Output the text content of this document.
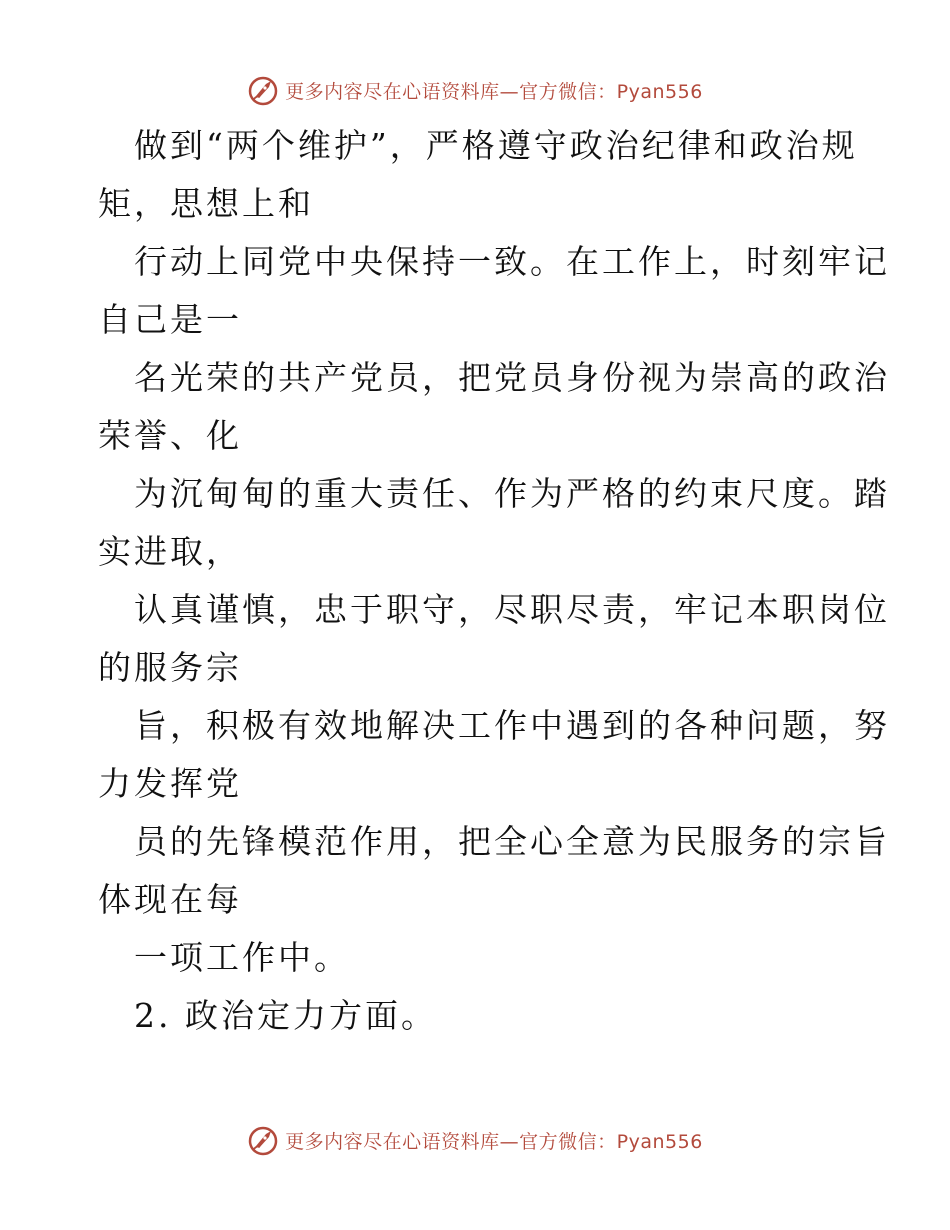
更多内容尽在心语资料库—官方微信：Pyan556
做到“两个维护”，严格遵守政治纪律和政治规
矩，思想上和
行动上同党中央保持一致。在工作上，时刻牢记
自己是一
名光荣的共产党员，把党员身份视为崇高的政治
荣誉、化
为沉甸甸的重大责任、作为严格的约束尺度。踏
实进取，
认真谨慎，忠于职守，尽职尽责，牢记本职岗位
的服务宗
旨，积极有效地解决工作中遇到的各种问题，努
力发挥党
员的先锋模范作用，把全心全意为民服务的宗旨
体现在每
一项工作中。
2. 政治定力方面。
更多内容尽在心语资料库—官方微信：Pyan556
